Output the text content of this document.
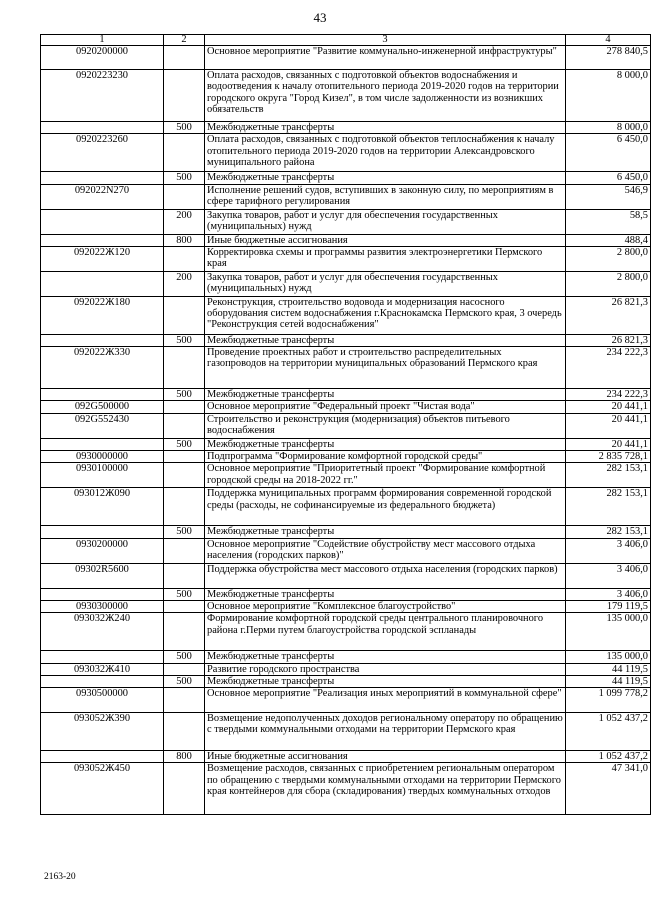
43
1	2	3	4
0920200000		Основное мероприятие "Развитие коммунально-инженерной инфраструктуры"	278 840,5
0920223230		Оплата расходов, связанных с подготовкой объектов водоснабжения и водоотведения к началу отопительного периода 2019-2020 годов на территории городского округа "Город Кизел", в том числе задолженности из возникших обязательств	8 000,0
	500	Межбюджетные трансферты	8 000,0
0920223260		Оплата расходов, связанных с подготовкой объектов теплоснабжения к началу отопительного периода 2019-2020 годов на территории Александровского муниципального района	6 450,0
	500	Межбюджетные трансферты	6 450,0
092022N270		Исполнение решений судов, вступивших в законную силу, по мероприятиям в сфере тарифного регулирования	546,9
	200	Закупка товаров, работ и услуг для обеспечения государственных (муниципальных) нужд	58,5
	800	Иные бюджетные ассигнования	488,4
092022Ж120		Корректировка схемы и программы развития электроэнергетики Пермского края	2 800,0
	200	Закупка товаров, работ и услуг для обеспечения государственных (муниципальных) нужд	2 800,0
092022Ж180		Реконструкция, строительство водовода и модернизация насосного оборудования систем водоснабжения г.Краснокамска Пермского края, 3 очередь "Реконструкция сетей водоснабжения"	26 821,3
	500	Межбюджетные трансферты	26 821,3
092022Ж330		Проведение проектных работ и строительство распределительных газопроводов на территории муниципальных образований Пермского края	234 222,3
	500	Межбюджетные трансферты	234 222,3
092G500000		Основное мероприятие "Федеральный проект "Чистая вода"	20 441,1
092G552430		Строительство и реконструкция (модернизация) объектов питьевого водоснабжения	20 441,1
	500	Межбюджетные трансферты	20 441,1
0930000000		Подпрограмма "Формирование комфортной городской среды"	2 835 728,1
0930100000		Основное мероприятие "Приоритетный проект "Формирование комфортной городской среды на 2018-2022 гг."	282 153,1
093012Ж090		Поддержка муниципальных программ формирования современной городской среды (расходы, не софинансируемые из федерального бюджета)	282 153,1
	500	Межбюджетные трансферты	282 153,1
0930200000		Основное мероприятие "Содействие обустройству мест массового отдыха населения (городских парков)"	3 406,0
09302R5600		Поддержка обустройства мест массового отдыха населения (городских парков)	3 406,0
	500	Межбюджетные трансферты	3 406,0
0930300000		Основное мероприятие "Комплексное благоустройство"	179 119,5
093032Ж240		Формирование комфортной городской среды центрального планировочного района г.Перми путем благоустройства городской эспланады	135 000,0
	500	Межбюджетные трансферты	135 000,0
093032Ж410		Развитие городского пространства	44 119,5
	500	Межбюджетные трансферты	44 119,5
0930500000		Основное мероприятие "Реализация иных мероприятий в коммунальной сфере"	1 099 778,2
093052Ж390		Возмещение недополученных доходов региональному оператору по обращению с твердыми коммунальными отходами на территории Пермского края	1 052 437,2
	800	Иные бюджетные ассигнования	1 052 437,2
093052Ж450		Возмещение расходов, связанных с приобретением региональным оператором по обращению с твердыми коммунальными отходами на территории Пермского края контейнеров для сбора (складирования) твердых коммунальных отходов	47 341,0
2163-20
